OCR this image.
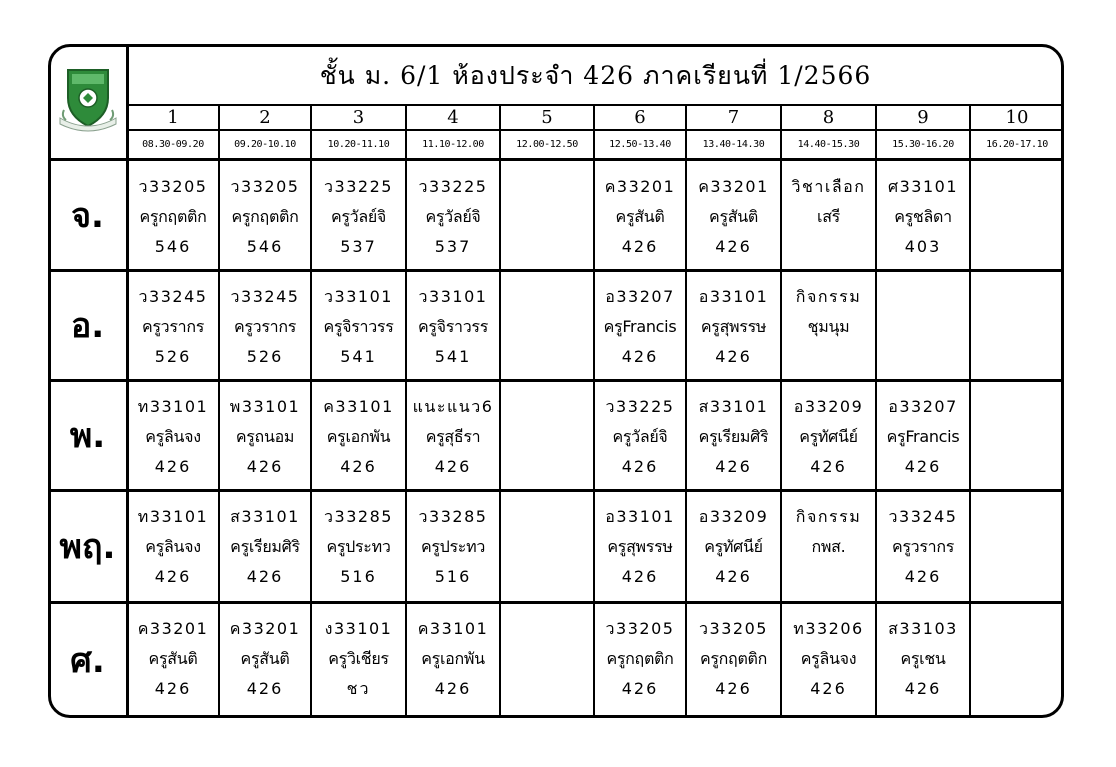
ชั้น ม. 6/1 ห้องประจำ 426 ภาคเรียนที่ 1/2566
1
08.30-09.20
2
09.20-10.10
3
10.20-11.10
4
11.10-12.00
5
12.00-12.50
6
12.50-13.40
7
13.40-14.30
8
14.40-15.30
9
15.30-16.20
10
16.20-17.10
จ.
ว33205
ครูกฤตติก
546
ว33205
ครูกฤตติก
546
ว33225
ครูวัลย์จิ
537
ว33225
ครูวัลย์จิ
537
ค33201
ครูสันติ
426
ค33201
ครูสันติ
426
วิชาเลือก
เสรี
ศ33101
ครูชลิดา
403
อ.
ว33245
ครูวรากร
526
ว33245
ครูวรากร
526
ว33101
ครูจิราวรร
541
ว33101
ครูจิราวรร
541
อ33207
ครูFrancis
426
อ33101
ครูสุพรรษ
426
กิจกรรม
ชุมนุม
พ.
ท33101
ครูลินจง
426
พ33101
ครูถนอม
426
ค33101
ครูเอกพัน
426
แนะแนว6
ครูสุธีรา
426
ว33225
ครูวัลย์จิ
426
ส33101
ครูเรียมศิริ
426
อ33209
ครูทัศนีย์
426
อ33207
ครูFrancis
426
พฤ.
ท33101
ครูลินจง
426
ส33101
ครูเรียมศิริ
426
ว33285
ครูประทว
516
ว33285
ครูประทว
516
อ33101
ครูสุพรรษ
426
อ33209
ครูทัศนีย์
426
กิจกรรม
กพส.
ว33245
ครูวรากร
426
ศ.
ค33201
ครูสันติ
426
ค33201
ครูสันติ
426
ง33101
ครูวิเชียร
ชว
ค33101
ครูเอกพัน
426
ว33205
ครูกฤตติก
426
ว33205
ครูกฤตติก
426
ท33206
ครูลินจง
426
ส33103
ครูเชน
426
